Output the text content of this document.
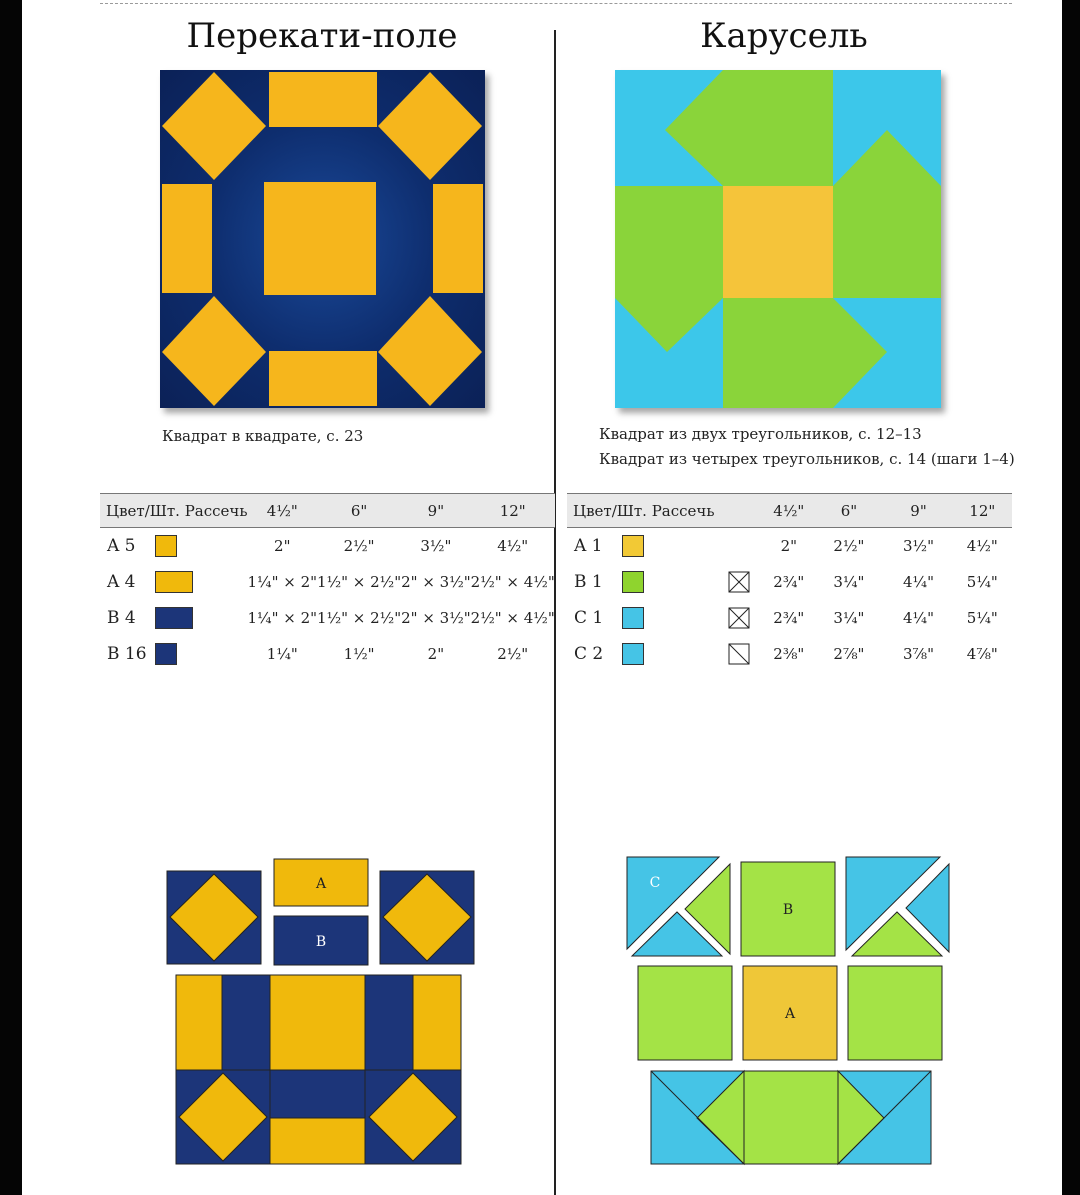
Перекати-поле
Квадрат в квадрате, с. 23
Цвет/Шт. Рассечь	4½"	6"	9"	12"
A 5	2"	2½"	3½"	4½"
A 4	1¼" × 2"	1½" × 2½"	2" × 3½"	2½" × 4½"
B 4	1¼" × 2"	1½" × 2½"	2" × 3½"	2½" × 4½"
B 16	1¼"	1½"	2"	2½"
A
B
Карусель
Квадрат из двух треугольников, с. 12–13
Квадрат из четырех треугольников, с. 14 (шаги 1–4)
Цвет/Шт. Рассечь		4½"	6"	9"	12"
A 1		2"	2½"	3½"	4½"
B 1		2¾"	3¼"	4¼"	5¼"
C 1		2¾"	3¼"	4¼"	5¼"
C 2		2⅜"	2⅞"	3⅞"	4⅞"
C
B
A
